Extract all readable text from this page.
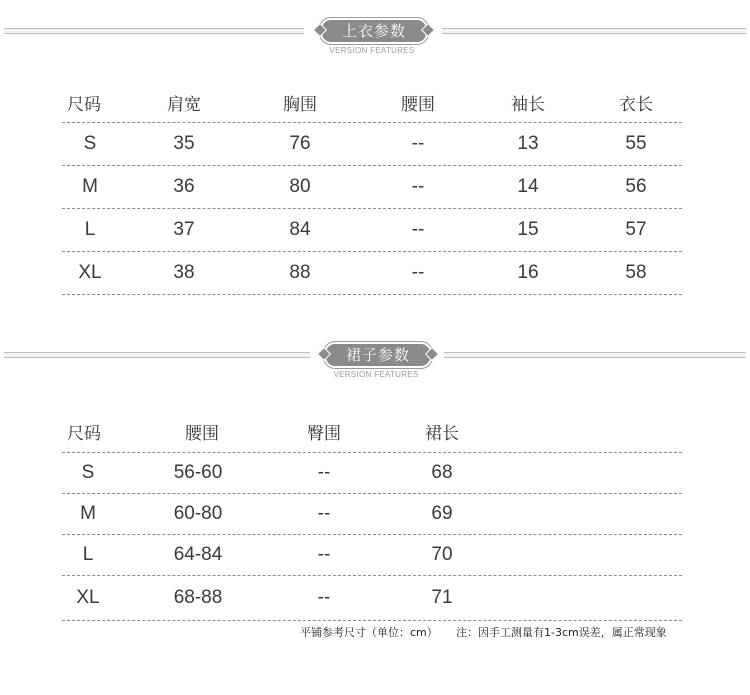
上衣参数
VERSION FEATURES
尺码	肩宽	胸围	腰围	袖长	衣长
S	35	76	--	13	55
M	36	80	--	14	56
L	37	84	--	15	57
XL	38	88	--	16	58
裙子参数
VERSION FEATURES
尺码	腰围	臀围	裙长
S	56-60	--	68
M	60-80	--	69
L	64-84	--	70
XL	68-88	--	71
平铺参考尺寸（单位：cm） 注：因手工测量有1-3cm误差，属正常现象
